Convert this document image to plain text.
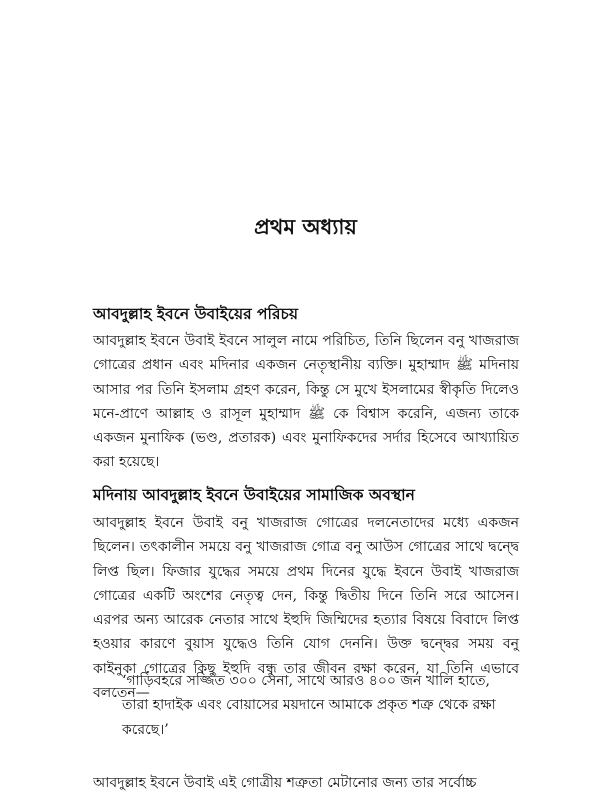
প্রথম অধ্যায়
আবদুল্লাহ ইবনে উবাইয়ের পরিচয়

আবদুল্লাহ ইবনে উবাই ইবনে সালুল নামে পরিচিত, তিনি ছিলেন বনু খাজরাজ গোত্রের প্রধান এবং মদিনার একজন নেতৃস্থানীয় ব্যক্তি। মুহাম্মাদ ﷺ মদিনায় আসার পর তিনি ইসলাম গ্রহণ করেন, কিন্তু সে মুখে ইসলামের স্বীকৃতি দিলেও মনে-প্রাণে আল্লাহ ও রাসূল মুহাম্মাদ ﷺ কে বিশ্বাস করেনি, এজন্য তাকে একজন মুনাফিক (ভণ্ড, প্রতারক) এবং মুনাফিকদের সর্দার হিসেবে আখ্যায়িত করা হয়েছে।

মদিনায় আবদুল্লাহ ইবনে উবাইয়ের সামাজিক অবস্থান

আবদুল্লাহ ইবনে উবাই বনু খাজরাজ গোত্রের দলনেতাদের মধ্যে একজন ছিলেন। তৎকালীন সময়ে বনু খাজরাজ গোত্র বনু আউস গোত্রের সাথে দ্বন্দ্বে লিপ্ত ছিল। ফিজার যুদ্ধের সময়ে প্রথম দিনের যুদ্ধে ইবনে উবাই খাজরাজ গোত্রের একটি অংশের নেতৃত্ব দেন, কিন্তু দ্বিতীয় দিনে তিনি সরে আসেন। এরপর অন্য আরেক নেতার সাথে ইহুদি জিম্মিদের হত্যার বিষয়ে বিবাদে লিপ্ত হওয়ার কারণে বুয়াস যুদ্ধেও তিনি যোগ দেননি। উক্ত দ্বন্দ্বের সময় বনু কাইনুকা গোত্রের কিছু ইহুদি বন্ধু তার জীবন রক্ষা করেন, যা তিনি এভাবে বলতেন—

‘গাড়িবহরে সজ্জিত ৩০০ সেনা, সাথে আরও ৪০০ জন খালি হাতে, তারা হাদাইক এবং বোয়াসের ময়দানে আমাকে প্রকৃত শত্রু থেকে রক্ষা করেছে।’

আবদুল্লাহ ইবনে উবাই এই গোত্রীয় শত্রুতা মেটানোর জন্য তার সর্বোচ্চ
